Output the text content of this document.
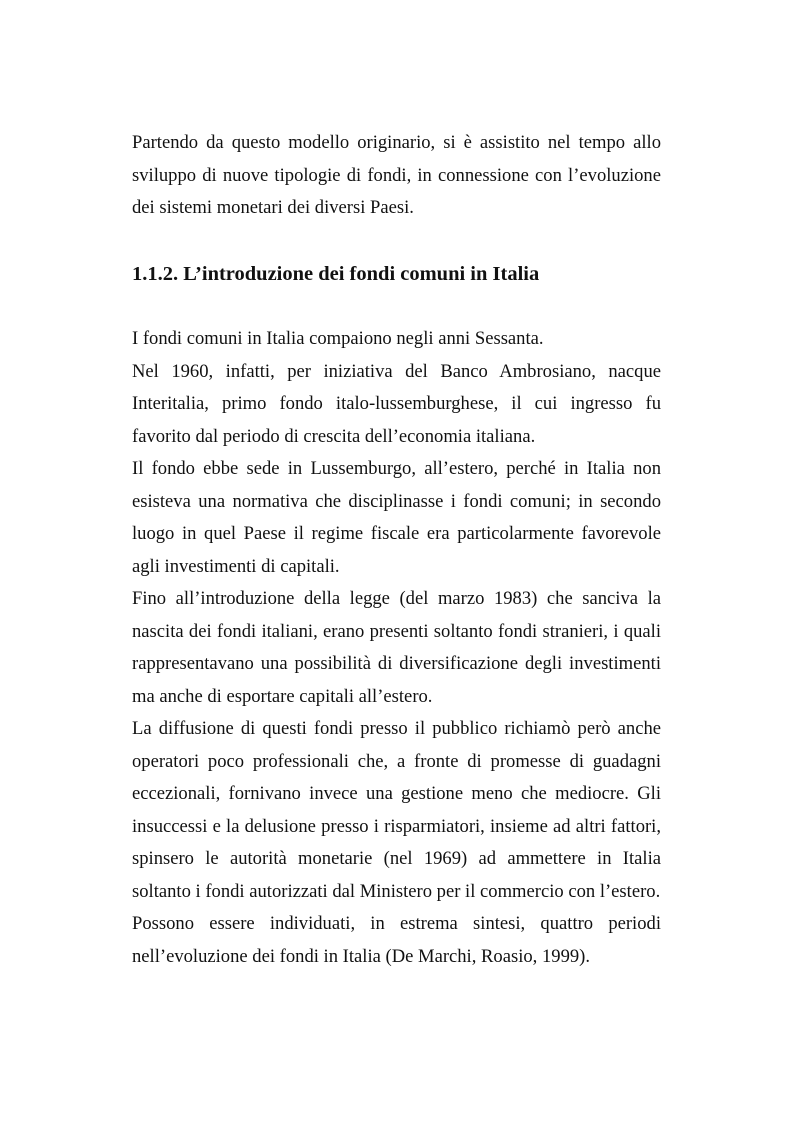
Partendo da questo modello originario, si è assistito nel tempo allo sviluppo di nuove tipologie di fondi, in connessione con l’evoluzione dei sistemi monetari dei diversi Paesi.

1.1.2. L’introduzione dei fondi comuni in Italia

I fondi comuni in Italia compaiono negli anni Sessanta.

Nel 1960, infatti, per iniziativa del Banco Ambrosiano, nacque Interitalia, primo fondo italo-lussemburghese, il cui ingresso fu favorito dal periodo di crescita dell’economia italiana.

Il fondo ebbe sede in Lussemburgo, all’estero, perché in Italia non esisteva una normativa che disciplinasse i fondi comuni; in secondo luogo in quel Paese il regime fiscale era particolarmente favorevole agli investimenti di capitali.

Fino all’introduzione della legge (del marzo 1983) che sanciva la nascita dei fondi italiani, erano presenti soltanto fondi stranieri, i quali rappresentavano una possibilità di diversificazione degli investimenti ma anche di esportare capitali all’estero.

La diffusione di questi fondi presso il pubblico richiamò però anche operatori poco professionali che, a fronte di promesse di guadagni eccezionali, fornivano invece una gestione meno che mediocre. Gli insuccessi e la delusione presso i risparmiatori, insieme ad altri fattori, spinsero le autorità monetarie (nel 1969) ad ammettere in Italia soltanto i fondi autorizzati dal Ministero per il commercio con l’estero.

Possono essere individuati, in estrema sintesi, quattro periodi nell’evoluzione dei fondi in Italia (De Marchi, Roasio, 1999).
